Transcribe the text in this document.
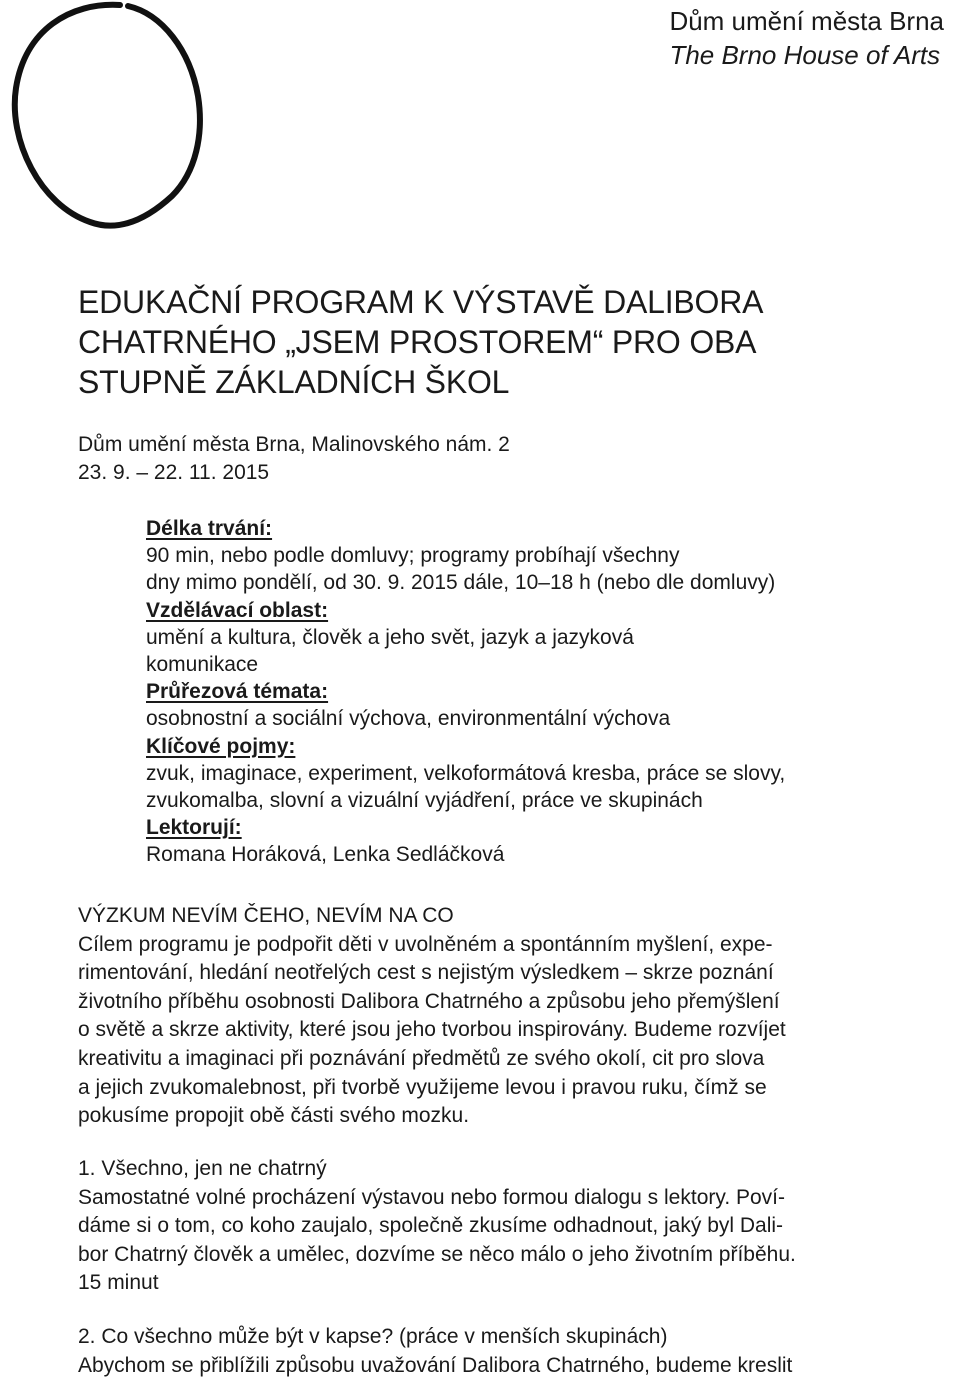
Dům umění města Brna
The Brno House of Arts
EDUKAČNÍ PROGRAM K VÝSTAVĚ DALIBORA
CHATRNÉHO „JSEM PROSTOREM“ PRO OBA
STUPNĚ ZÁKLADNÍCH ŠKOL
Dům umění města Brna, Malinovského nám. 2
23. 9. – 22. 11. 2015
Délka trvání:
90 min, nebo podle domluvy; programy probíhají všechny
dny mimo pondělí, od 30. 9. 2015 dále, 10–18 h (nebo dle domluvy)
Vzdělávací oblast:
umění a kultura, člověk a jeho svět, jazyk a jazyková
komunikace
Průřezová témata:
osobnostní a sociální výchova, environmentální výchova
Klíčové pojmy:
zvuk, imaginace, experiment, velkoformátová kresba, práce se slovy,
zvukomalba, slovní a vizuální vyjádření, práce ve skupinách
Lektorují:
Romana Horáková, Lenka Sedláčková
VÝZKUM NEVÍM ČEHO, NEVÍM NA CO
Cílem programu je podpořit děti v uvolněném a spontánním myšlení, expe-
rimentování, hledání neotřelých cest s nejistým výsledkem – skrze poznání
životního příběhu osobnosti Dalibora Chatrného a způsobu jeho přemýšlení
o světě a skrze aktivity, které jsou jeho tvorbou inspirovány. Budeme rozvíjet
kreativitu a imaginaci při poznávání předmětů ze svého okolí, cit pro slova
a jejich zvukomalebnost, při tvorbě využijeme levou i pravou ruku, čímž se
pokusíme propojit obě části svého mozku.
1. Všechno, jen ne chatrný
Samostatné volné procházení výstavou nebo formou dialogu s lektory. Poví-
dáme si o tom, co koho zaujalo, společně zkusíme odhadnout, jaký byl Dali-
bor Chatrný člověk a umělec, dozvíme se něco málo o jeho životním příběhu.
15 minut
2. Co všechno může být v kapse? (práce v menších skupinách)
Abychom se přiblížili způsobu uvažování Dalibora Chatrného, budeme kreslit
